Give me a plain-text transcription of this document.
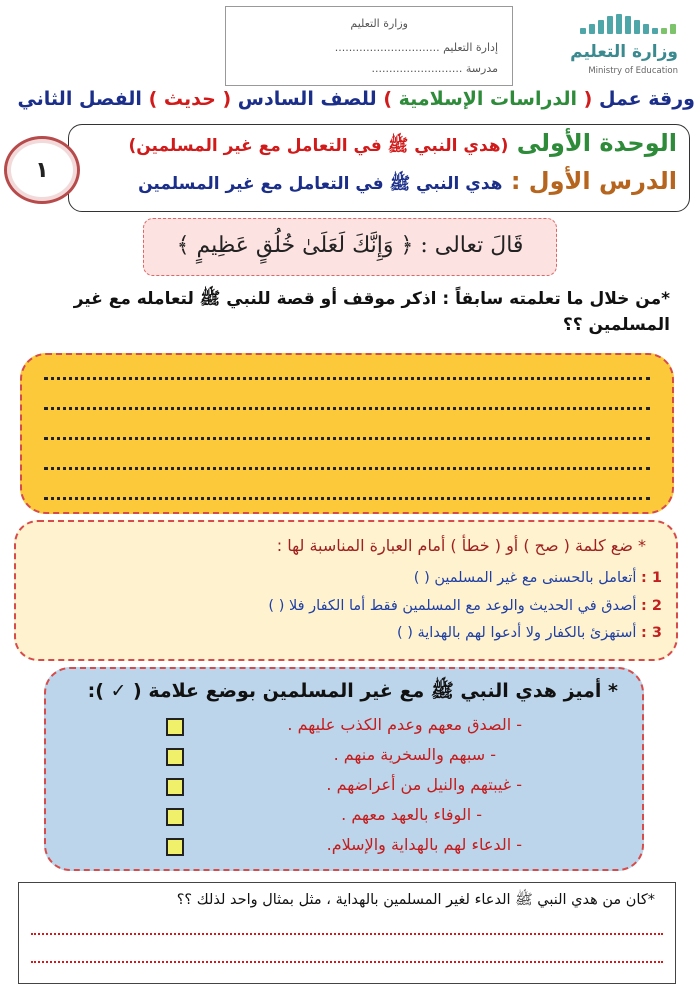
وزارة التعليم
إدارة التعليم ..............................
مدرسة ..........................
وزارة التعليم
Ministry of Education
ورقة عمل ( الدراسات الإسلامية ) للصف السادس ( حديث ) الفصل الثاني
الوحدة الأولى (هدي النبي ﷺ في التعامل مع غير المسلمين)
الدرس الأول : هدي النبي ﷺ في التعامل مع غير المسلمين
١
قَالَ تعالى : ﴿ وَإِنَّكَ لَعَلَىٰ خُلُقٍ عَظِيمٍ ﴾
*من خلال ما تعلمته سابقاً : اذكر موقف أو قصة للنبي ﷺ لتعامله مع غير المسلمين ؟؟
* ضع كلمة ( صح ) أو ( خطأ ) أمام العبارة المناسبة لها :
1 : أتعامل بالحسنى مع غير المسلمين ( )
2 : أصدق في الحديث والوعد مع المسلمين فقط أما الكفار فلا ( )
3 : أستهزئ بالكفار ولا أدعوا لهم بالهداية ( )
* أميز هدي النبي ﷺ مع غير المسلمين بوضع علامة ( ✓ ):
- الصدق معهم وعدم الكذب عليهم .
- سبهم والسخرية منهم .
- غيبتهم والنيل من أعراضهم .
- الوفاء بالعهد معهم .
- الدعاء لهم بالهداية والإسلام.
*كان من هدي النبي ﷺ الدعاء لغير المسلمين بالهداية ، مثل بمثال واحد لذلك ؟؟
